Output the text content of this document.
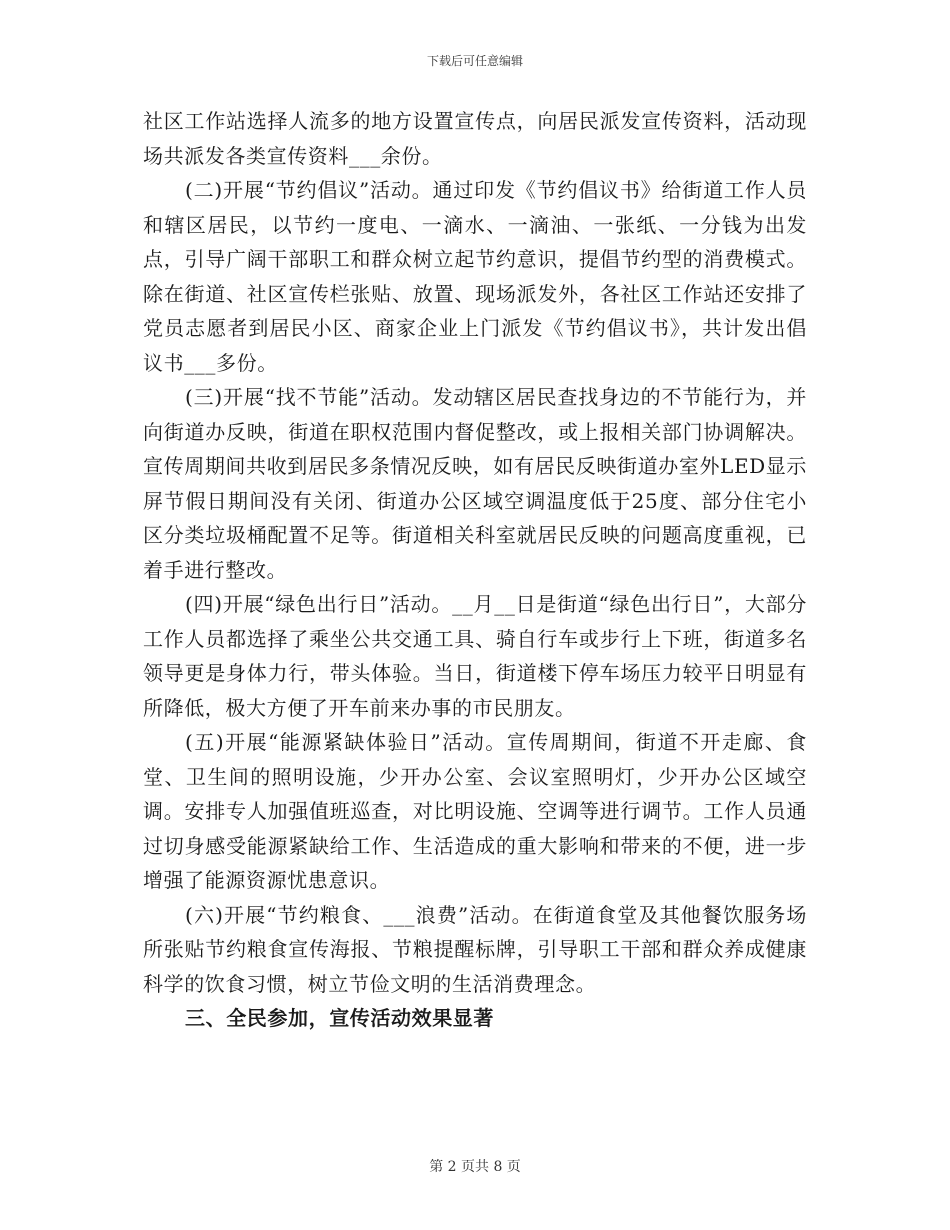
下载后可任意编辑

社区工作站选择人流多的地方设置宣传点，向居民派发宣传资料，活动现场共派发各类宣传资料___余份。

(二)开展“节约倡议”活动。通过印发《节约倡议书》给街道工作人员和辖区居民，以节约一度电、一滴水、一滴油、一张纸、一分钱为出发点，引导广阔干部职工和群众树立起节约意识，提倡节约型的消费模式。除在街道、社区宣传栏张贴、放置、现场派发外，各社区工作站还安排了党员志愿者到居民小区、商家企业上门派发《节约倡议书》，共计发出倡议书___多份。

(三)开展“找不节能”活动。发动辖区居民查找身边的不节能行为，并向街道办反映，街道在职权范围内督促整改，或上报相关部门协调解决。宣传周期间共收到居民多条情况反映，如有居民反映街道办室外LED显示屏节假日期间没有关闭、街道办公区域空调温度低于25度、部分住宅小区分类垃圾桶配置不足等。街道相关科室就居民反映的问题高度重视，已着手进行整改。

(四)开展“绿色出行日”活动。__月__日是街道“绿色出行日”，大部分工作人员都选择了乘坐公共交通工具、骑自行车或步行上下班，街道多名领导更是身体力行，带头体验。当日，街道楼下停车场压力较平日明显有所降低，极大方便了开车前来办事的市民朋友。

(五)开展“能源紧缺体验日”活动。宣传周期间，街道不开走廊、食堂、卫生间的照明设施，少开办公室、会议室照明灯，少开办公区域空调。安排专人加强值班巡查，对比明设施、空调等进行调节。工作人员通过切身感受能源紧缺给工作、生活造成的重大影响和带来的不便，进一步增强了能源资源忧患意识。

(六)开展“节约粮食、___浪费”活动。在街道食堂及其他餐饮服务场所张贴节约粮食宣传海报、节粮提醒标牌，引导职工干部和群众养成健康科学的饮食习惯，树立节俭文明的生活消费理念。

三、全民参加，宣传活动效果显著

第 2 页共 8 页
